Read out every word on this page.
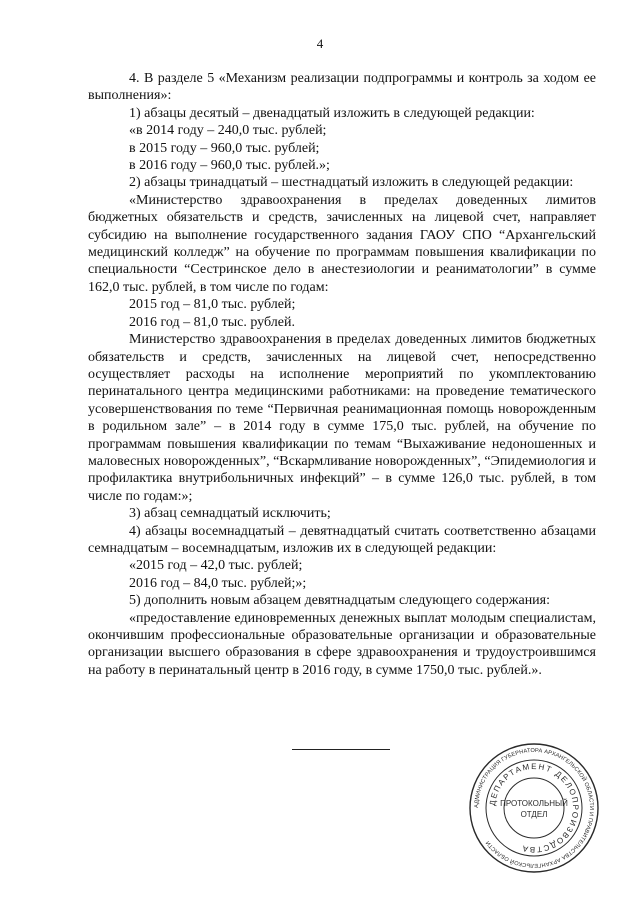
4

4. В разделе 5 «Механизм реализации подпрограммы и контроль за ходом ее выполнения»:

1) абзацы десятый – двенадцатый изложить в следующей редакции:

«в 2014 году – 240,0 тыс. рублей;

в 2015 году – 960,0 тыс. рублей;

в 2016 году – 960,0 тыс. рублей.»;

2) абзацы тринадцатый – шестнадцатый изложить в следующей редакции:

«Министерство здравоохранения в пределах доведенных лимитов бюджетных обязательств и средств, зачисленных на лицевой счет, направляет субсидию на выполнение государственного задания ГАОУ СПО “Архангельский медицинский колледж” на обучение по программам повышения квалификации по специальности “Сестринское дело в анестезиологии и реаниматологии” в сумме 162,0 тыс. рублей, в том числе по годам:

2015 год – 81,0 тыс. рублей;

2016 год – 81,0 тыс. рублей.

Министерство здравоохранения в пределах доведенных лимитов бюджетных обязательств и средств, зачисленных на лицевой счет, непосредственно осуществляет расходы на исполнение мероприятий по укомплектованию перинатального центра медицинскими работниками: на проведение тематического усовершенствования по теме “Первичная реанимационная помощь новорожденным в родильном зале” – в 2014 году в сумме 175,0 тыс. рублей, на обучение по программам повышения квалификации по темам “Выхаживание недоношенных и маловесных новорожденных”, “Вскармливание новорожденных”, “Эпидемиология и профилактика внутрибольничных инфекций” – в сумме 126,0 тыс. рублей, в том числе по годам:»;

3) абзац семнадцатый исключить;

4) абзацы восемнадцатый – девятнадцатый считать соответственно абзацами семнадцатым – восемнадцатым, изложив их в следующей редакции:

«2015 год – 42,0 тыс. рублей;

2016 год – 84,0 тыс. рублей;»;

5) дополнить новым абзацем девятнадцатым следующего содержания:

«предоставление единовременных денежных выплат молодым специалистам, окончившим профессиональные образовательные организации и образовательные организации высшего образования в сфере здравоохранения и трудоустроившимся на работу в перинатальный центр в 2016 году, в сумме 1750,0 тыс. рублей.».

АДМИНИСТРАЦИЯ ГУБЕРНАТОРА АРХАНГЕЛЬСКОЙ ОБЛАСТИ И ПРАВИТЕЛЬСТВА АРХАНГЕЛЬСКОЙ ОБЛАСТИ
ДЕПАРТАМЕНТ ДЕЛОПРОИЗВОДСТВА
ПРОТОКОЛЬНЫЙ
ОТДЕЛ
